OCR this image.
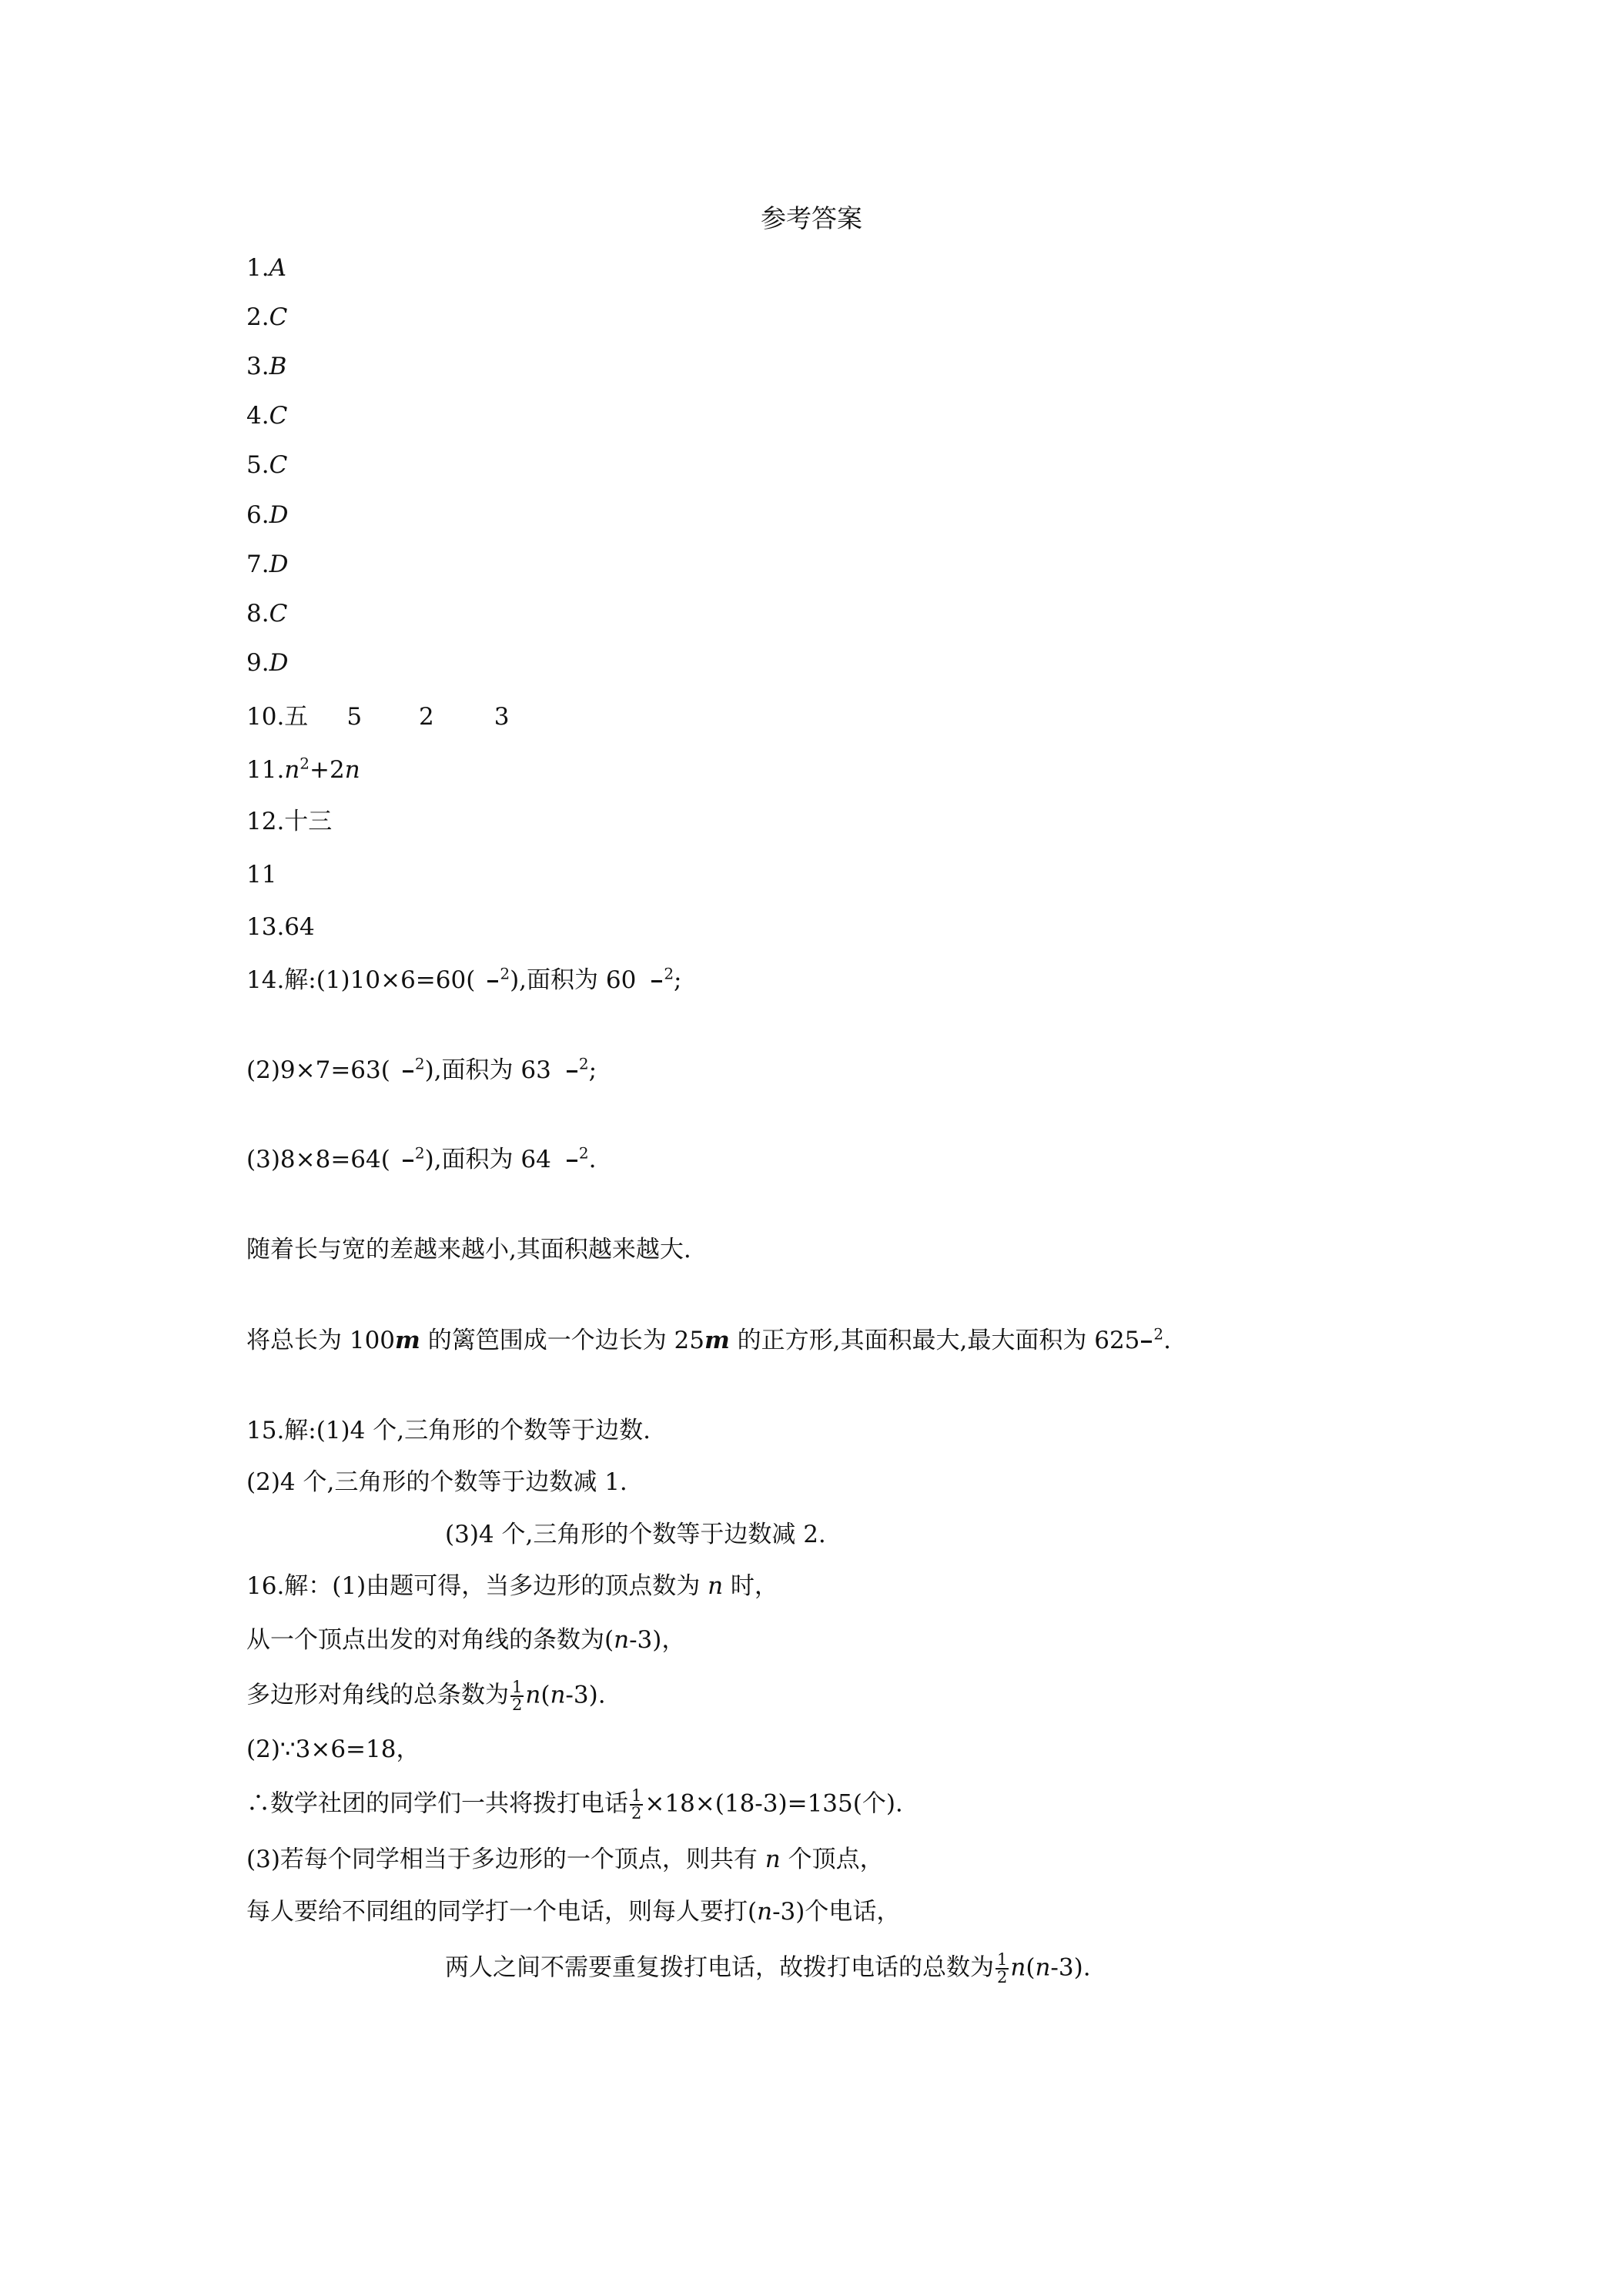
参考答案
1.A
2.C
3.B
4.C
5.C
6.D
7.D
8.C
9.D
10.五 5 2	3
$11.n^2+2n$
12.十三
11
13.64
14.解:(1)10×6=60( $^2$),面积为 60 $^2$;
(2)9×7=63( $^2$),面积为 63 $^2$;
(3)8×8=64( $^2$),面积为 64 $^2$.
随着长与宽的差越来越小,其面积越来越大.
将总长为 100m 的篱笆围成一个边长为 25m 的正方形,其面积最大,最大面积为 625 $^2$.
15.解:(1)4 个,三角形的个数等于边数.
(2)4 个,三角形的个数等于边数减 1.
(3)4 个,三角形的个数等于边数减 2.
16.解：(1)由题可得，当多边形的顶点数为 n 时，
从一个顶点出发的对角线的条数为(n-3)，
多边形对角线的总条数为 $\frac{1}{2} n(n-3)$.
(2)∵3×6=18，
∴数学社团的同学们一共将拨打电话 $\frac{1}{2} \times 18\times(18-3)=135$(个).
(3)若每个同学相当于多边形的一个顶点，则共有 n 个顶点，
每人要给不同组的同学打一个电话，则每人要打(n-3)个电话，
两人之间不需要重复拨打电话，故拨打电话的总数为 $\frac{1}{2} n(n-3)$.
